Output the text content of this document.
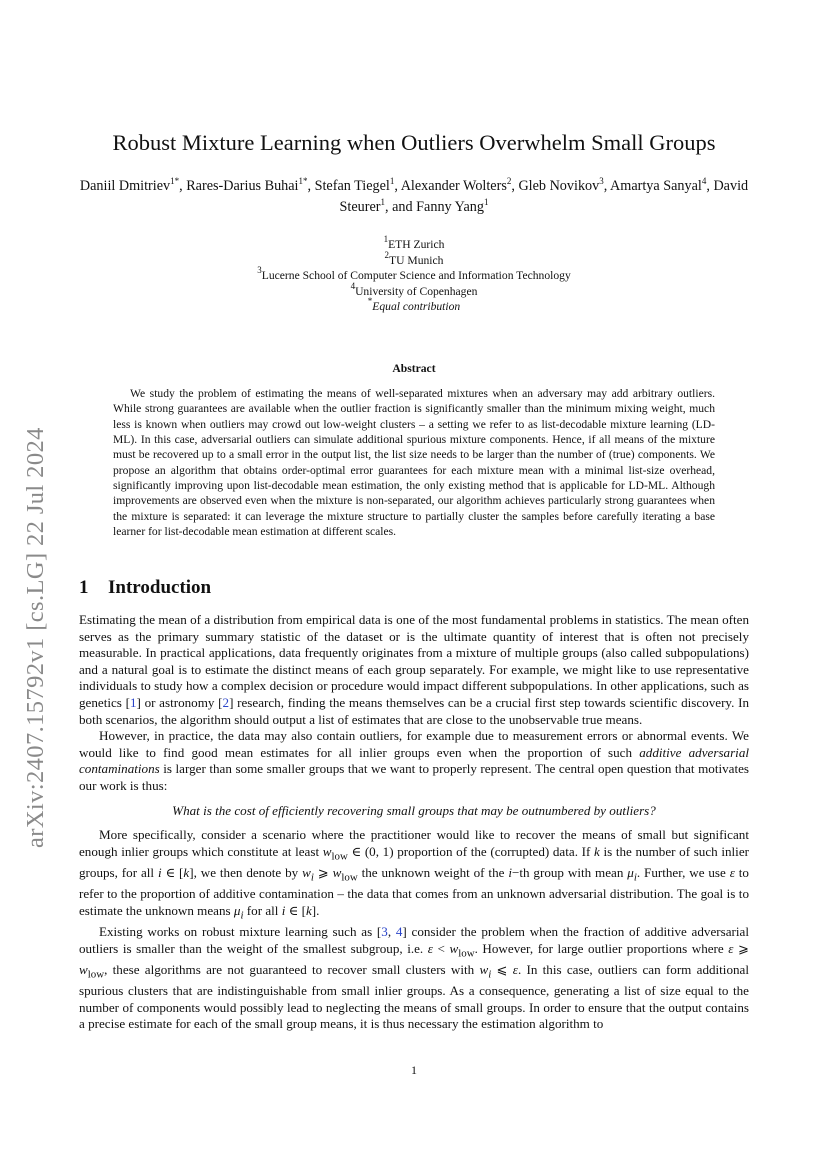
arXiv:2407.15792v1 [cs.LG] 22 Jul 2024
Robust Mixture Learning when Outliers Overwhelm Small Groups
Daniil Dmitriev$^{1*}$, Rares-Darius Buhai$^{1*}$, Stefan Tiegel$^1$, Alexander Wolters$^2$, Gleb Novikov$^3$, Amartya Sanyal$^4$, David Steurer$^1$, and Fanny Yang$^1$
$^1$ETH Zurich
$^2$TU Munich
$^3$Lucerne School of Computer Science and Information Technology
$^4$University of Copenhagen
*Equal contribution
Abstract

We study the problem of estimating the means of well-separated mixtures when an adversary may add arbitrary outliers. While strong guarantees are available when the outlier fraction is significantly smaller than the minimum mixing weight, much less is known when outliers may crowd out low-weight clusters – a setting we refer to as list-decodable mixture learning (LD-ML). In this case, adversarial outliers can simulate additional spurious mixture components. Hence, if all means of the mixture must be recovered up to a small error in the output list, the list size needs to be larger than the number of (true) components. We propose an algorithm that obtains order-optimal error guarantees for each mixture mean with a minimal list-size overhead, significantly improving upon list-decodable mean estimation, the only existing method that is applicable for LD-ML. Although improvements are observed even when the mixture is non-separated, our algorithm achieves particularly strong guarantees when the mixture is separated: it can leverage the mixture structure to partially cluster the samples before carefully iterating a base learner for list-decodable mean estimation at different scales.

1 Introduction

Estimating the mean of a distribution from empirical data is one of the most fundamental problems in statistics. The mean often serves as the primary summary statistic of the dataset or is the ultimate quantity of interest that is often not precisely measurable. In practical applications, data frequently originates from a mixture of multiple groups (also called subpopulations) and a natural goal is to estimate the distinct means of each group separately. For example, we might like to use representative individuals to study how a complex decision or procedure would impact different subpopulations. In other applications, such as genetics [1] or astronomy [2] research, finding the means themselves can be a crucial first step towards scientific discovery. In both scenarios, the algorithm should output a list of estimates that are close to the unobservable true means.

However, in practice, the data may also contain outliers, for example due to measurement errors or abnormal events. We would like to find good mean estimates for all inlier groups even when the proportion of such additive adversarial contaminations is larger than some smaller groups that we want to properly represent. The central open question that motivates our work is thus:

What is the cost of efficiently recovering small groups that may be outnumbered by outliers?

More specifically, consider a scenario where the practitioner would like to recover the means of small but significant enough inlier groups which constitute at least $w_{low}$ ∈ (0, 1) proportion of the (corrupted) data. If k is the number of such inlier groups, for all i ∈ [k], we then denote by $w_i$ ⩾ $w_{low}$ the unknown weight of the i−th group with mean $\mu_i$. Further, we use ε to refer to the proportion of additive contamination – the data that comes from an unknown adversarial distribution. The goal is to estimate the unknown means $\mu_i$ for all i ∈ [k].

Existing works on robust mixture learning such as [3, 4] consider the problem when the fraction of additive adversarial outliers is smaller than the weight of the smallest subgroup, i.e. $\varepsilon < w_{low}$. However, for large outlier proportions where ε ⩾ $w_{low}$, these algorithms are not guaranteed to recover small clusters with $w_i$ ⩽ ε. In this case, outliers can form additional spurious clusters that are indistinguishable from small inlier groups. As a consequence, generating a list of size equal to the number of components would possibly lead to neglecting the means of small groups. In order to ensure that the output contains a precise estimate for each of the small group means, it is thus necessary the estimation algorithm to

1
